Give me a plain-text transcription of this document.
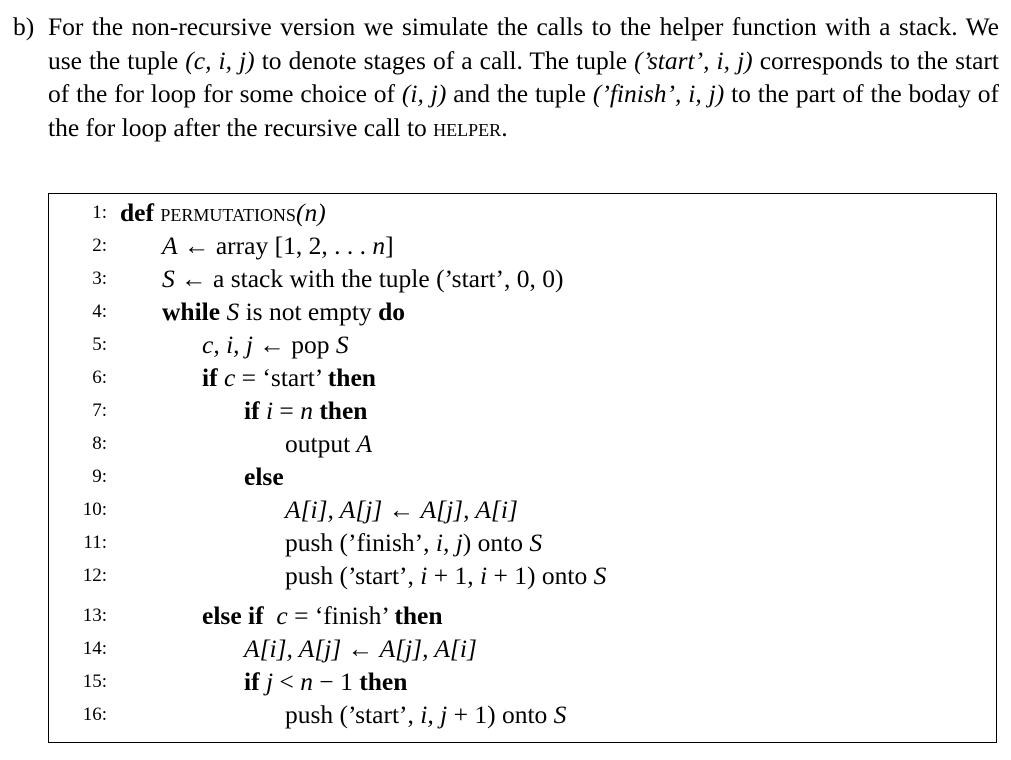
b) For the non-recursive version we simulate the calls to the helper function with a stack. We use the tuple (c, i, j) to denote stages of a call. The tuple (’start’, i, j) corresponds to the start of the for loop for some choice of (i, j) and the tuple (’finish’, i, j) to the part of the boday of the for loop after the recursive call to helper.
1: def permutations(n)
2: A ← array [1, 2, . . . n]
3: S ← a stack with the tuple (’start’, 0, 0)
4: while S is not empty do
5:	c, i, j ← pop S
6:	if c = ‘start’ then
7:	if i = n then
8:	output A
9:	else
10:	A[i], A[j] ← A[j], A[i]
11:	push (’finish’, i, j) onto S
12:	push (’start’, i + 1, i + 1) onto S
13:	else if c = ‘finish’ then
14:	A[i], A[j] ← A[j], A[i]
15:	if j < n − 1 then
16:	push (’start’, i, j + 1) onto S
